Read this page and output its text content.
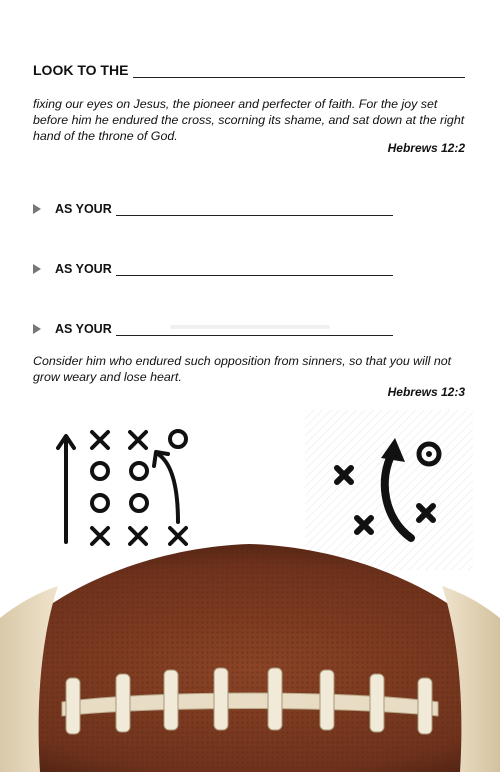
LOOK TO THE
fixing our eyes on Jesus, the pioneer and perfecter of faith. For the joy set before him he endured the cross, scorning its shame, and sat down at the right hand of the throne of God.
Hebrews 12:2
AS YOUR
AS YOUR
AS YOUR
Consider him who endured such opposition from sinners, so that you will not grow weary and lose heart.
Hebrews 12:3
